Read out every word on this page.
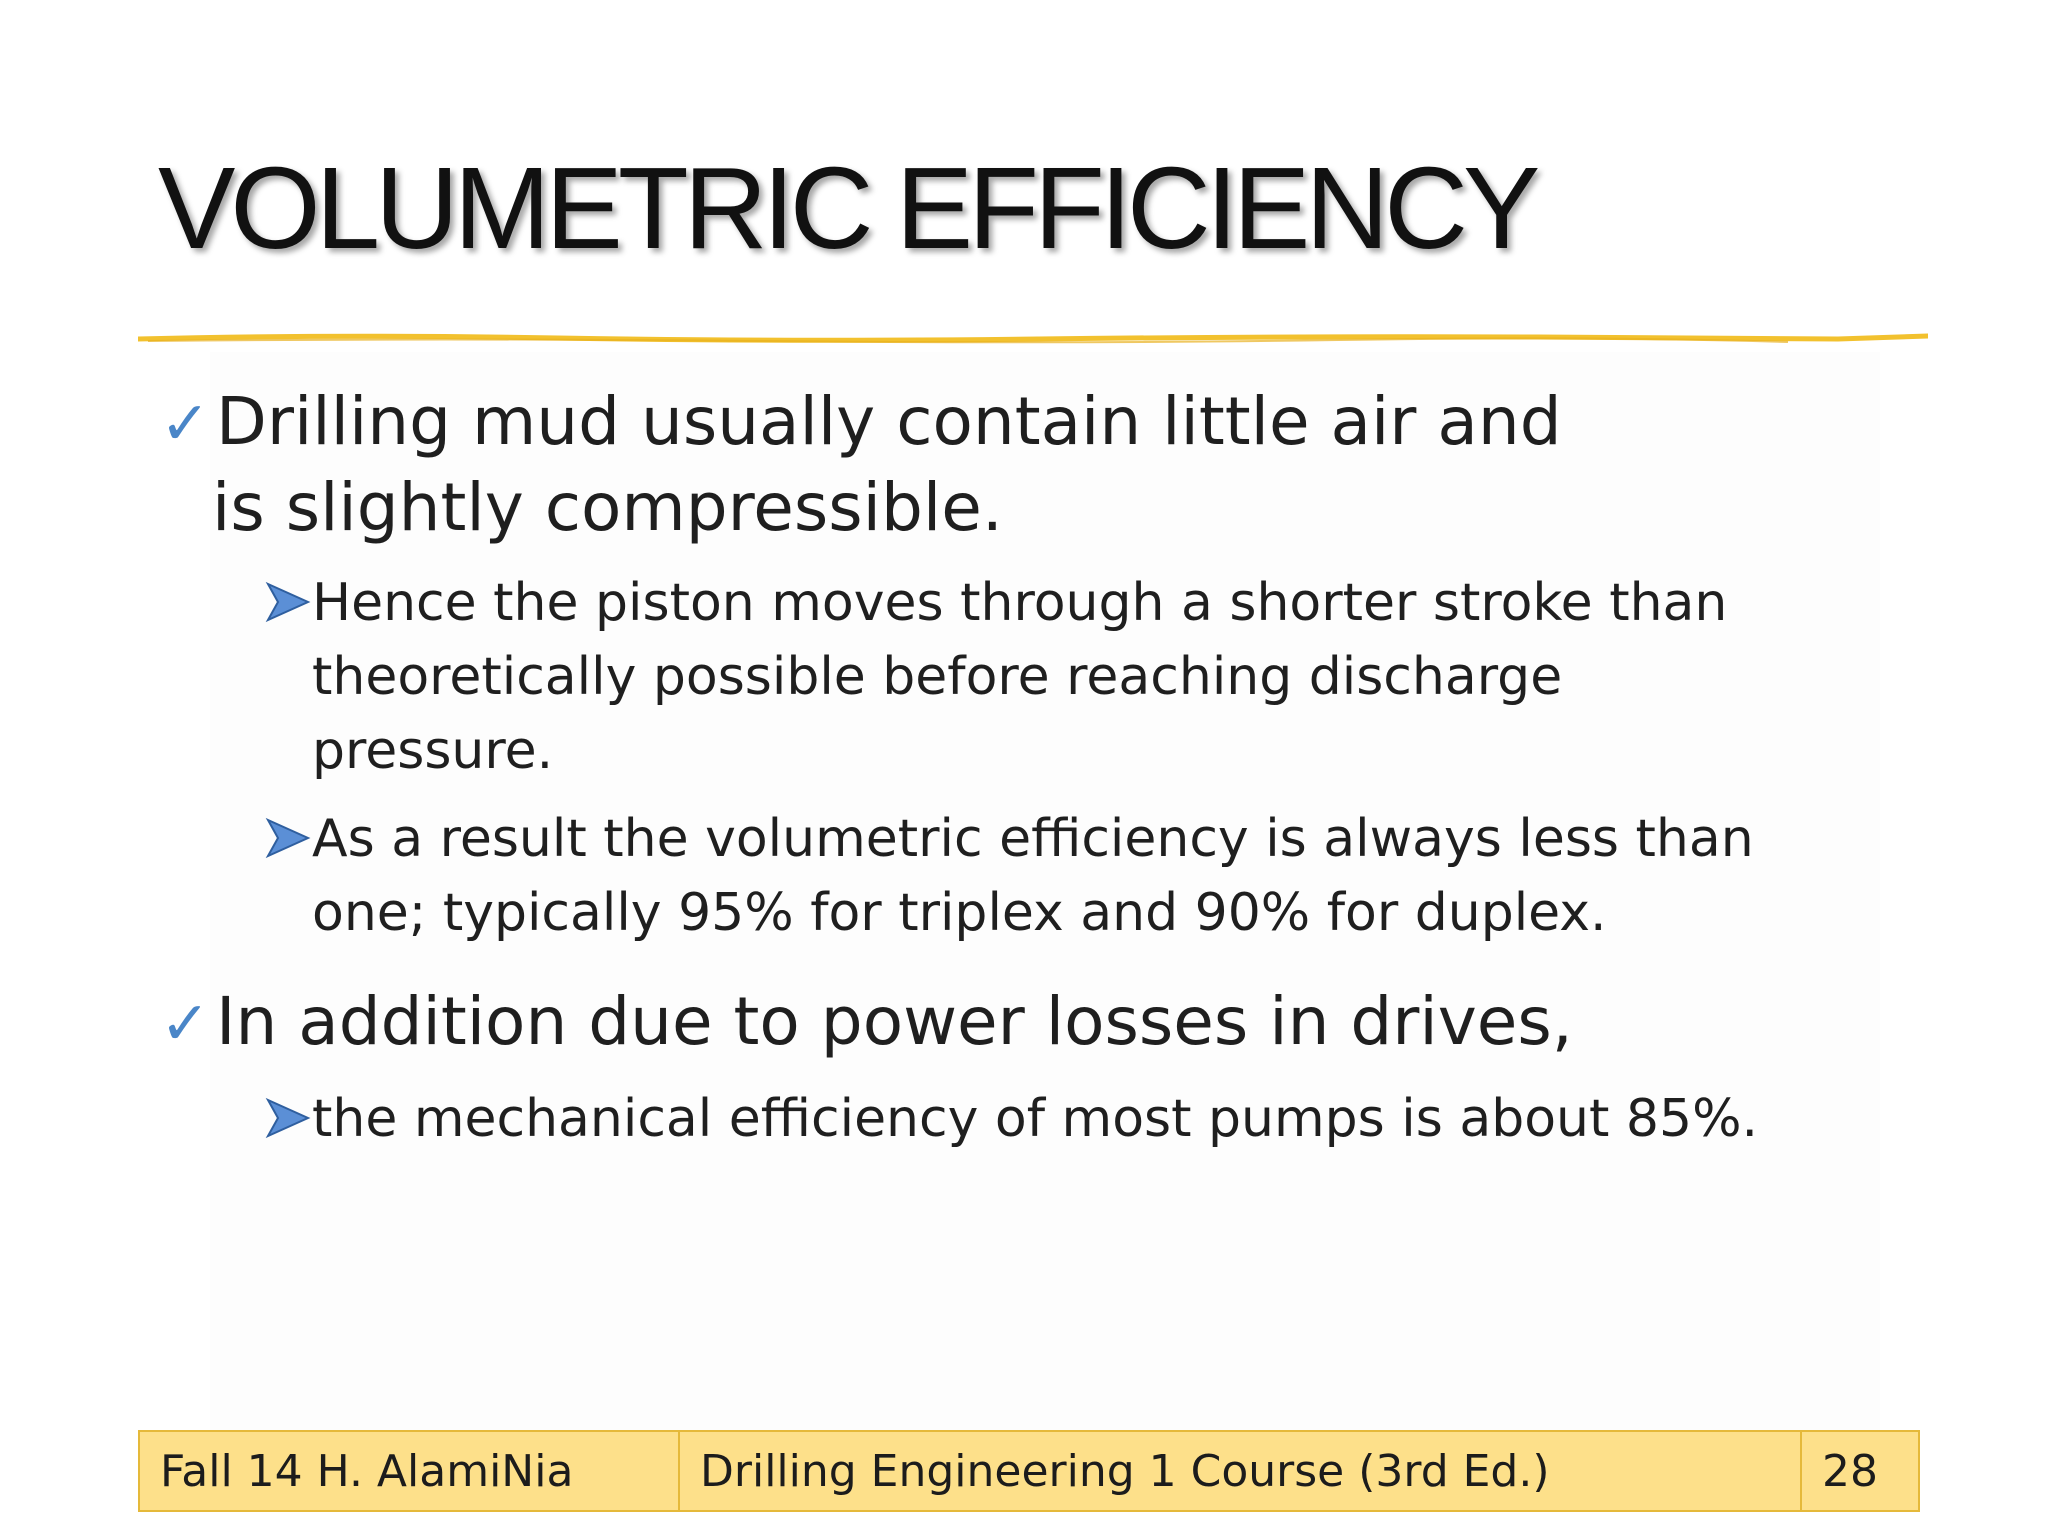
VOLUMETRIC EFFICIENCY
✓Drilling mud usually contain little air and
is slightly compressible.
Hence the piston moves through a shorter stroke than
theoretically possible before reaching discharge
pressure.
As a result the volumetric efficiency is always less than
one; typically 95% for triplex and 90% for duplex.
✓In addition due to power losses in drives,
the mechanical efficiency of most pumps is about 85%.
Fall 14 H. AlamiNia	Drilling Engineering 1 Course (3rd Ed.)	28
